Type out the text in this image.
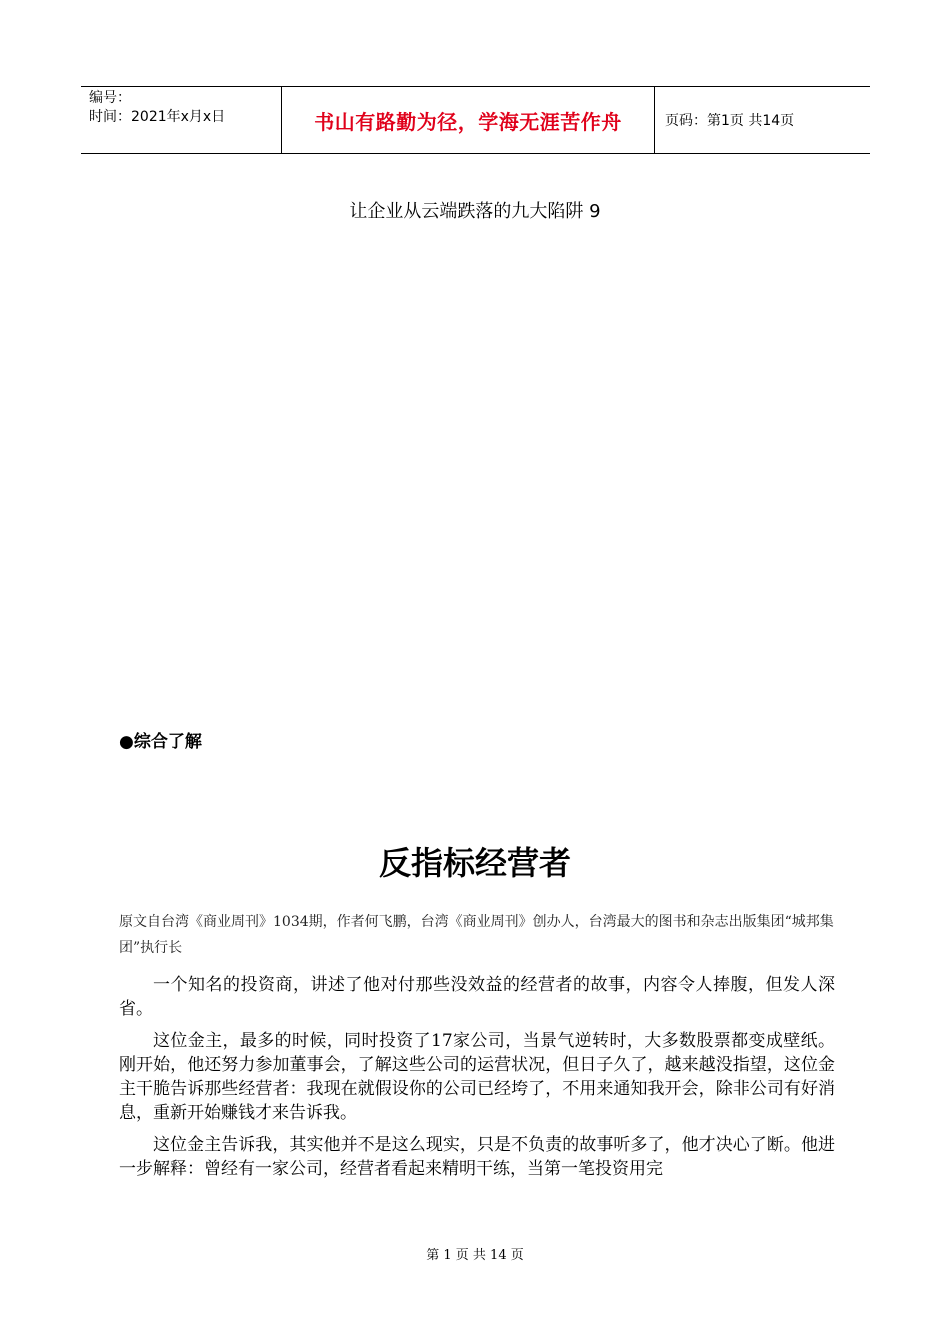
编号：
时间：2021年x月x日	书山有路勤为径，学海无涯苦作舟	页码：第1页 共14页
让企业从云端跌落的九大陷阱 9
●综合了解
反指标经营者
原文自台湾《商业周刊》1034期，作者何飞鹏，台湾《商业周刊》创办人，台湾最大的图书和杂志出版集团“城邦集团”执行长

一个知名的投资商，讲述了他对付那些没效益的经营者的故事，内容令人捧腹，但发人深省。

这位金主，最多的时候，同时投资了17家公司，当景气逆转时，大多数股票都变成壁纸。刚开始，他还努力参加董事会，了解这些公司的运营状况，但日子久了，越来越没指望，这位金主干脆告诉那些经营者：我现在就假设你的公司已经垮了，不用来通知我开会，除非公司有好消息，重新开始赚钱才来告诉我。

这位金主告诉我，其实他并不是这么现实，只是不负责的故事听多了，他才决心了断。他进一步解释：曾经有一家公司，经营者看起来精明干练，当第一笔投资用完

第 1 页 共 14 页
